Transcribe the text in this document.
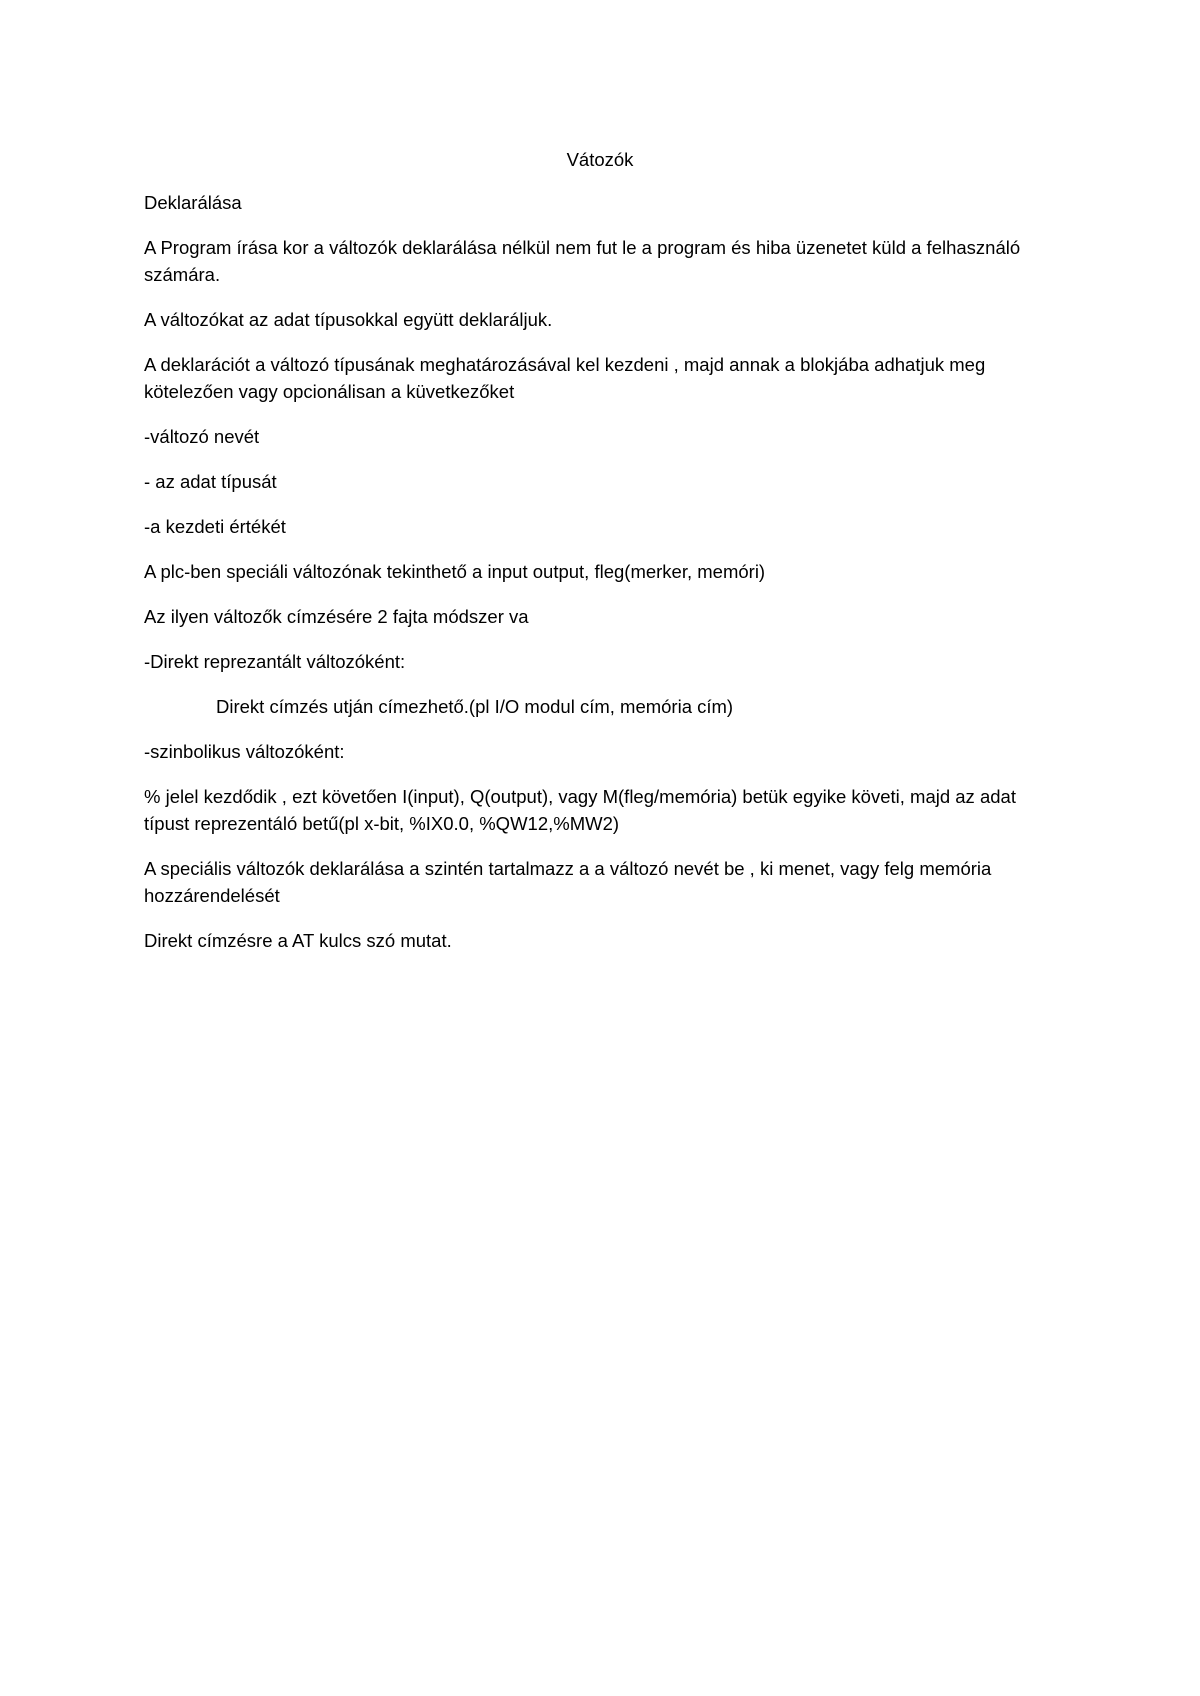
Vátozók

Deklarálása

A Program írása kor a változók deklarálása nélkül nem fut le a program és hiba üzenetet küld a felhasználó számára.

A változókat az adat típusokkal együtt deklaráljuk.

A deklarációt a változó típusának meghatározásával kel kezdeni , majd annak a blokjába adhatjuk meg kötelezően vagy opcionálisan a küvetkezőket

-változó nevét

- az adat típusát

-a kezdeti értékét

A plc-ben speciáli változónak tekinthető a input output, fleg(merker, memóri)

Az ilyen változők címzésére 2 fajta módszer va

-Direkt reprezantált változóként:

Direkt címzés utján címezhető.(pl I/O modul cím, memória cím)

-szinbolikus változóként:

% jelel kezdődik , ezt követően I(input), Q(output), vagy M(fleg/memória) betük egyike követi, majd az adat típust reprezentáló betű(pl x-bit, %IX0.0, %QW12,%MW2)

A speciális változók deklarálása a szintén tartalmazz a a változó nevét be , ki menet, vagy felg memória hozzárendelését

Direkt címzésre a AT kulcs szó mutat.
